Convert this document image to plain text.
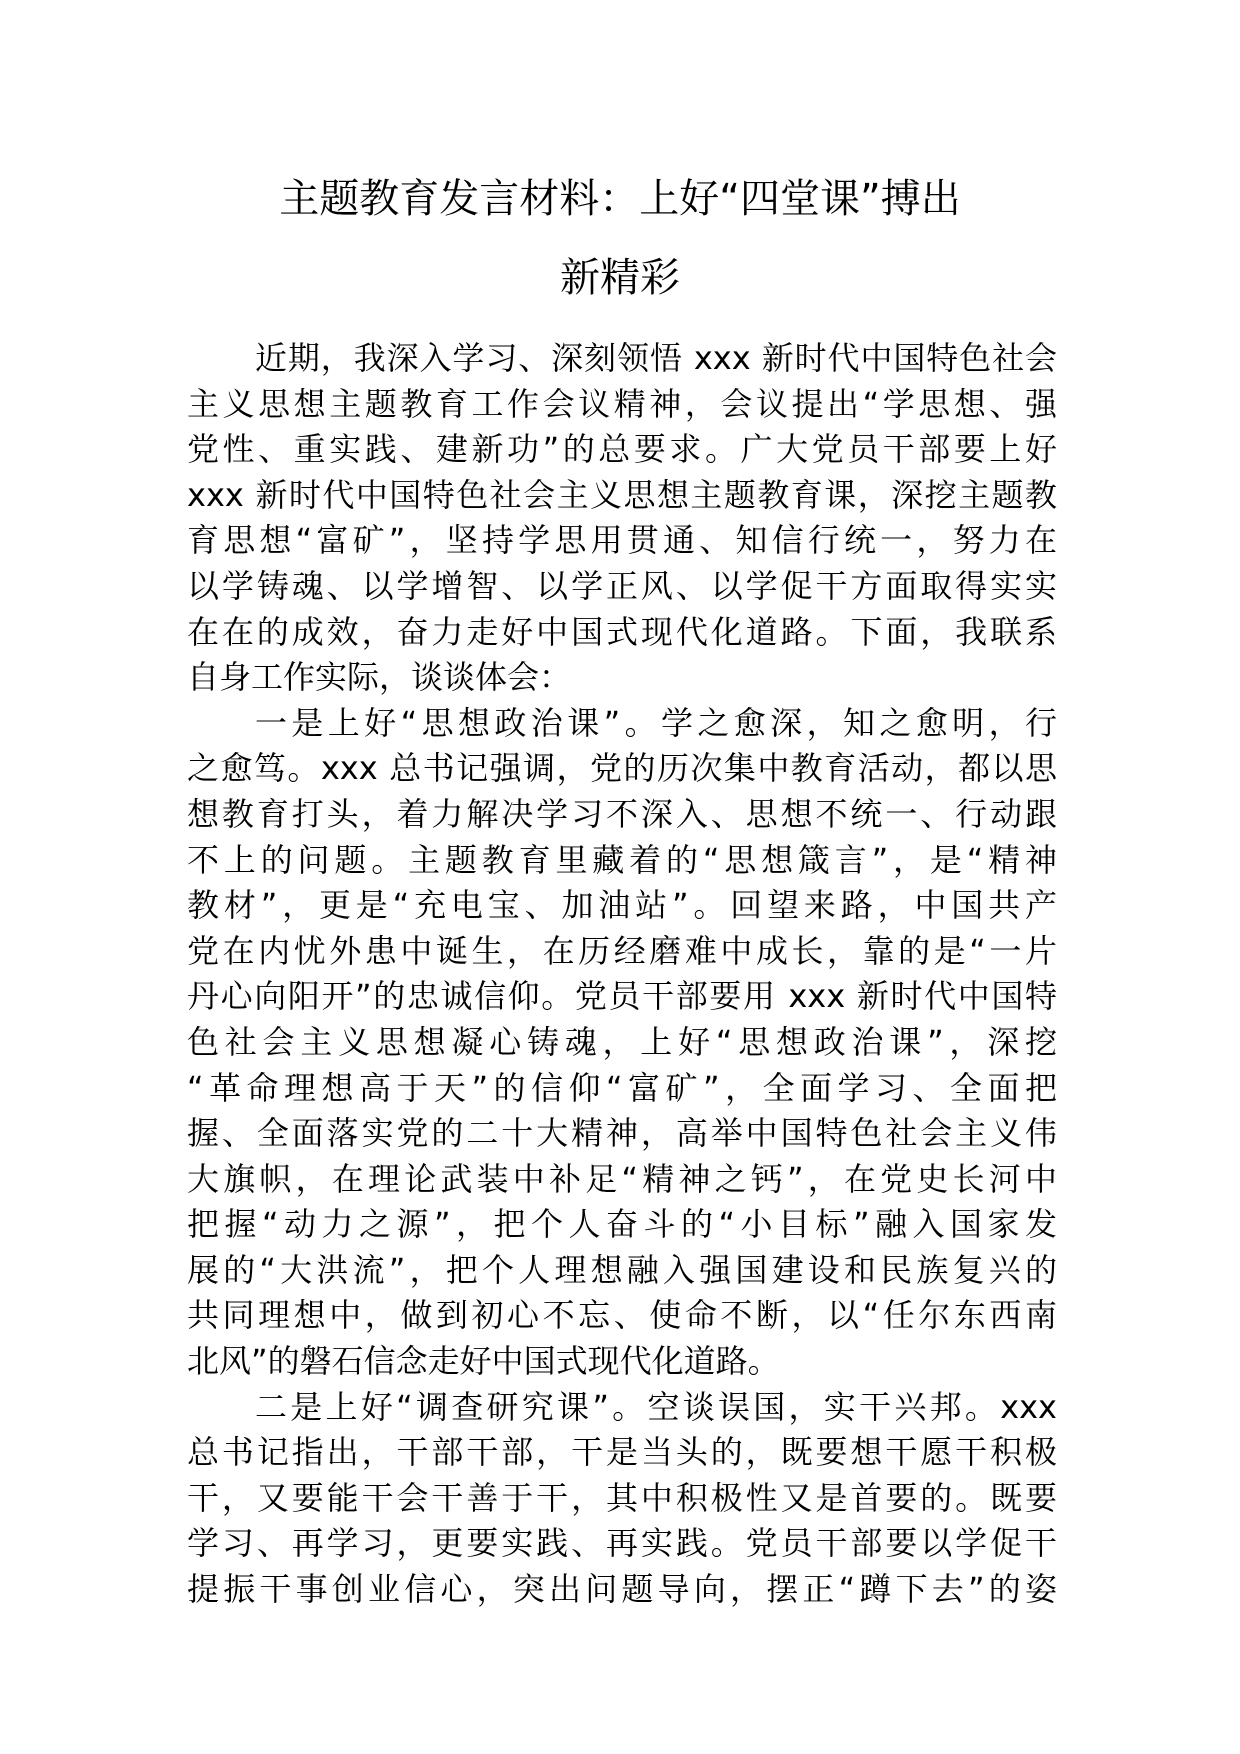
主题教育发言材料：上好“四堂课”搏出
新精彩
近期，我深入学习、深刻领悟 xxx 新时代中国特色社会
主义思想主题教育工作会议精神，会议提出“学思想、强
党性、重实践、建新功”的总要求。广大党员干部要上好
xxx 新时代中国特色社会主义思想主题教育课，深挖主题教
育思想“富矿”，坚持学思用贯通、知信行统一，努力在
以学铸魂、以学增智、以学正风、以学促干方面取得实实
在在的成效，奋力走好中国式现代化道路。下面，我联系
自身工作实际，谈谈体会：
一是上好“思想政治课”。学之愈深，知之愈明，行
之愈笃。xxx 总书记强调，党的历次集中教育活动，都以思
想教育打头，着力解决学习不深入、思想不统一、行动跟
不上的问题。主题教育里藏着的“思想箴言”，是“精神
教材”，更是“充电宝、加油站”。回望来路，中国共产
党在内忧外患中诞生，在历经磨难中成长，靠的是“一片
丹心向阳开”的忠诚信仰。党员干部要用 xxx 新时代中国特
色社会主义思想凝心铸魂，上好“思想政治课”，深挖
“革命理想高于天”的信仰“富矿”，全面学习、全面把
握、全面落实党的二十大精神，高举中国特色社会主义伟
大旗帜，在理论武装中补足“精神之钙”，在党史长河中
把握“动力之源”，把个人奋斗的“小目标”融入国家发
展的“大洪流”，把个人理想融入强国建设和民族复兴的
共同理想中，做到初心不忘、使命不断，以“任尔东西南
北风”的磐石信念走好中国式现代化道路。
二是上好“调查研究课”。空谈误国，实干兴邦。xxx
总书记指出，干部干部，干是当头的，既要想干愿干积极
干，又要能干会干善于干，其中积极性又是首要的。既要
学习、再学习，更要实践、再实践。党员干部要以学促干
提振干事创业信心，突出问题导向，摆正“蹲下去”的姿
